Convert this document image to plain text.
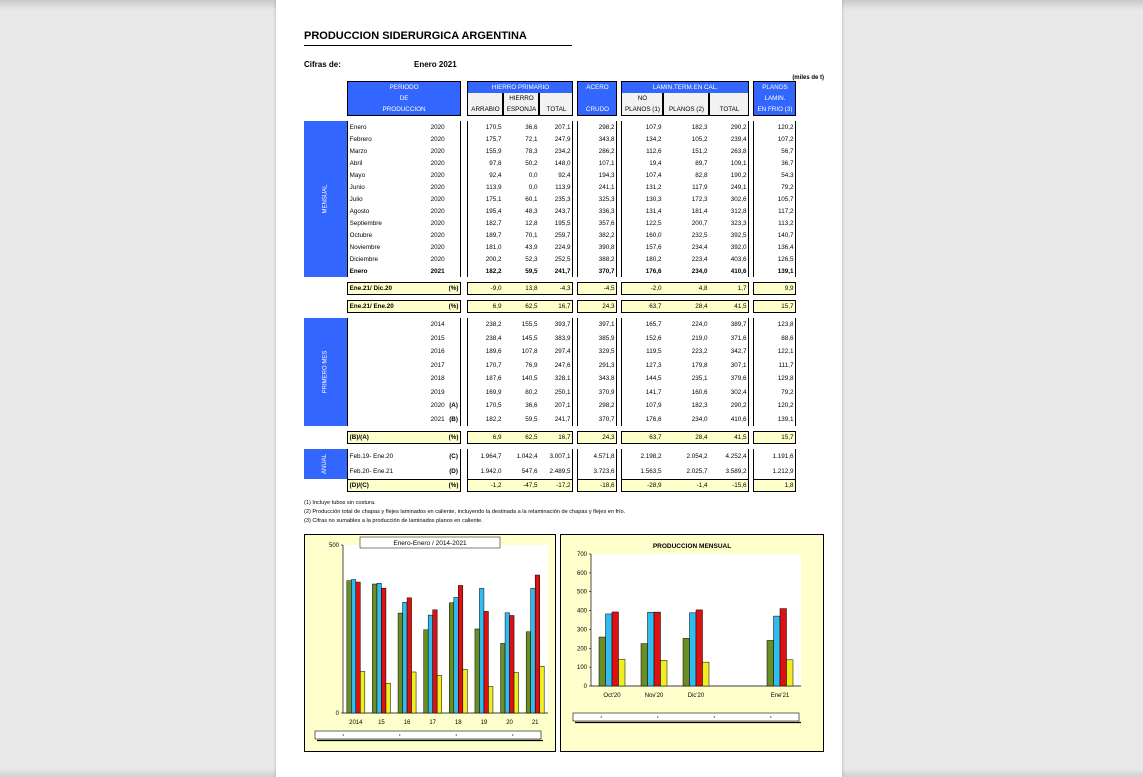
PRODUCCION SIDERURGICA ARGENTINA
Cifras de:	Enero 2021
(miles de t)
	PERIODO				HIERRO PRIMARIO				ACERO		LAMIN.TERM.EN CAL.				PLANOS
	DE					HIERRO					NO				LAMIN.
	PRODUCCION				ARRABIO	ESPONJA	TOTAL		CRUDO		PLANOS (1)	PLANOS (2)	TOTAL		EN FRIO (3)

MENSUAL	Enero	2020			170,5	36,6	207,1		298,2		107,9	182,3	290,2		120,2
	Febrero	2020			175,7	72,1	247,9		343,8		134,2	105,2	239,4		107,2
	Marzo	2020			155,9	78,3	234,2		286,2		112,6	151,2	263,8		56,7
	Abril	2020			97,8	50,2	148,0		107,1		19,4	89,7	109,1		36,7
	Mayo	2020			92,4	0,0	92,4		194,3		107,4	82,8	190,2		54,3
	Junio	2020			113,9	0,0	113,9		241,1		131,2	117,9	249,1		79,2
	Julio	2020			175,1	60,1	235,3		325,3		130,3	172,3	302,6		105,7
	Agosto	2020			195,4	48,3	243,7		336,3		131,4	181,4	312,8		117,2
	Septiembre	2020			182,7	12,8	195,5		357,6		122,5	200,7	323,3		113,2
	Octubre	2020			189,7	70,1	259,7		382,2		160,0	232,5	392,5		140,7
	Noviembre	2020			181,0	43,9	224,9		390,8		157,6	234,4	392,0		136,4
	Diciembre	2020			200,2	52,3	252,5		388,2		180,2	223,4	403,6		126,5
	Enero	2021			182,2	59,5	241,7		370,7		176,6	234,0	410,6		139,1

	Ene.21/ Dic.20		(%)		-9,0	13,8	-4,3		-4,5		-2,0	4,8	1,7		9,9

	Ene.21/ Ene.20		(%)		6,9	62,5	16,7		24,3		63,7	28,4	41,5		15,7

PRIMERO MES		2014			238,2	155,5	393,7		397,1		165,7	224,0	389,7		123,8
		2015			238,4	145,5	383,9		385,9		152,6	219,0	371,6		88,6
		2016			189,6	107,8	297,4		329,5		119,5	223,2	342,7		122,1
		2017			170,7	76,9	247,6		291,3		127,3	179,8	307,1		111,7
		2018			187,6	140,5	328,1		343,8		144,5	235,1	379,6		129,8
		2019			169,9	80,2	250,1		370,9		141,7	160,6	302,4		79,2
		2020	(A)		170,5	36,6	207,1		298,2		107,9	182,3	290,2		120,2
		2021	(B)		182,2	59,5	241,7		370,7		176,6	234,0	410,6		139,1

	(B)/(A)		(%)		6,9	62,5	16,7		24,3		63,7	28,4	41,5		15,7

ANUAL	Feb.19- Ene.20		(C)		1.964,7	1.042,4	3.007,1		4.571,8		2.198,2	2.054,2	4.252,4		1.191,6
	Feb.20- Ene.21		(D)		1.942,0	547,6	2.489,5		3.723,6		1.563,5	2.025,7	3.589,2		1.212,9
	(D)/(C)		(%)		-1,2	-47,5	-17,2		-18,6		-28,9	-1,4	-15,6		1,8
(1) Incluye tubos sin costura.
(2) Producción total de chapas y flejes laminados en caliente, incluyendo la destinada a la relaminación de chapas y flejes en frío.
(3) Cifras no sumables a la producción de laminados planos en caliente.
Enero-Enero / 2014-2021
0
500
2014	15	16	17	18	19	20	21
PRODUCCION MENSUAL
0
100
200
300
400
500
600
700
Oct'20	Nov'20	Dic'20	Ene'21
